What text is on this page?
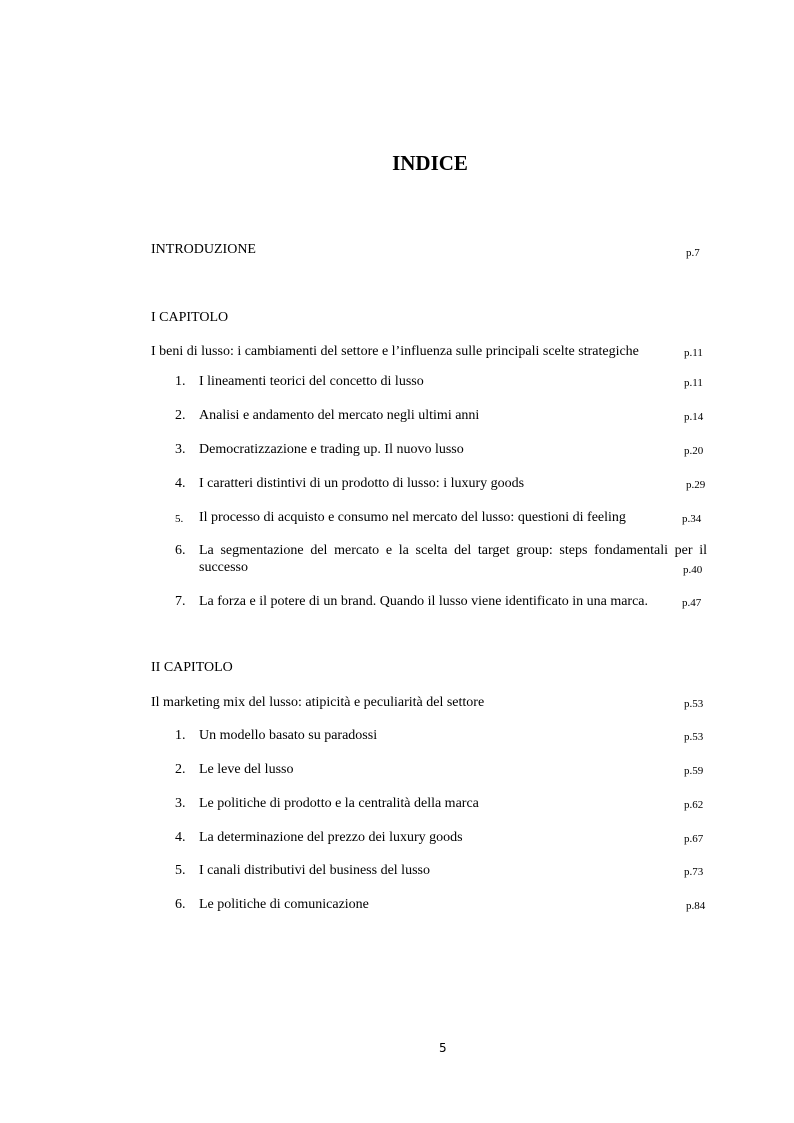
INDICE
INTRODUZIONE	p.7
I CAPITOLO
I beni di lusso: i cambiamenti del settore e l’influenza sulle principali scelte strategiche	p.11
1. I lineamenti teorici del concetto di lusso	p.11
2. Analisi e andamento del mercato negli ultimi anni	p.14
3. Democratizzazione e trading up. Il nuovo lusso	p.20
4. I caratteri distintivi di un prodotto di lusso: i luxury goods	p.29
5. Il processo di acquisto e consumo nel mercato del lusso: questioni di feeling	p.34
6. La segmentazione del mercato e la scelta del target group: steps fondamentali per il
successo	p.40
7. La forza e il potere di un brand. Quando il lusso viene identificato in una marca.	p.47
II CAPITOLO
Il marketing mix del lusso: atipicità e peculiarità del settore	p.53
1. Un modello basato su paradossi	p.53
2. Le leve del lusso	p.59
3. Le politiche di prodotto e la centralità della marca	p.62
4. La determinazione del prezzo dei luxury goods	p.67
5. I canali distributivi del business del lusso	p.73
6. Le politiche di comunicazione	p.84
5
